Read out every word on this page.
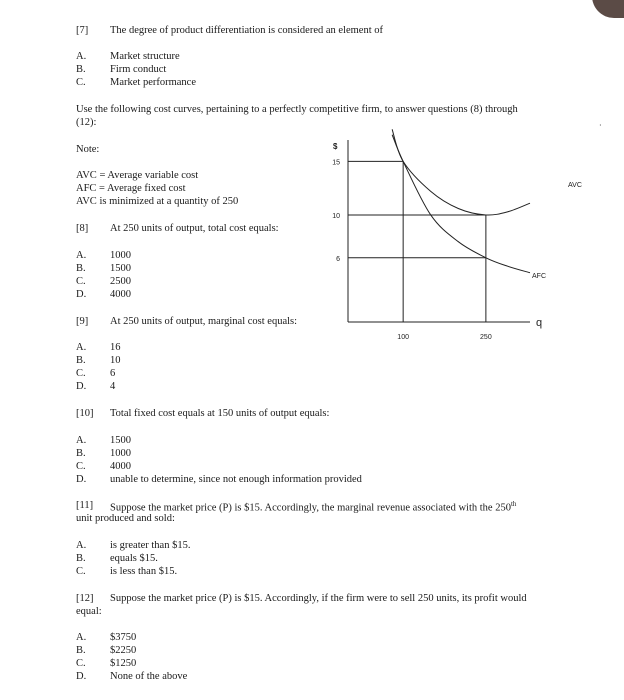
[7] The degree of product differentiation is considered an element of
A. Market structure
B. Firm conduct
C. Market performance
Use the following cost curves, pertaining to a perfectly competitive firm, to answer questions (8) through
(12):
Note:
AVC = Average variable cost
AFC = Average fixed cost
AVC is minimized at a quantity of 250
[8] At 250 units of output, total cost equals:
A. 1000
B. 1500
C. 2500
D. 4000
[9] At 250 units of output, marginal cost equals:
A. 16
B. 10
C. 6
D. 4
[10] Total fixed cost equals at 150 units of output equals:
A. 1500
B. 1000
C. 4000
D. unable to determine, since not enough information provided
[11] Suppose the market price (P) is $15. Accordingly, the marginal revenue associated with the 250th
unit produced and sold:
A. is greater than $15.
B. equals $15.
C. is less than $15.
[12] Suppose the market price (P) is $15. Accordingly, if the firm were to sell 250 units, its profit would
equal:
A. $3750
B. $2250
C. $1250
D. None of the above
$
q
6
10
15
100	250
AVC
AFC
·
